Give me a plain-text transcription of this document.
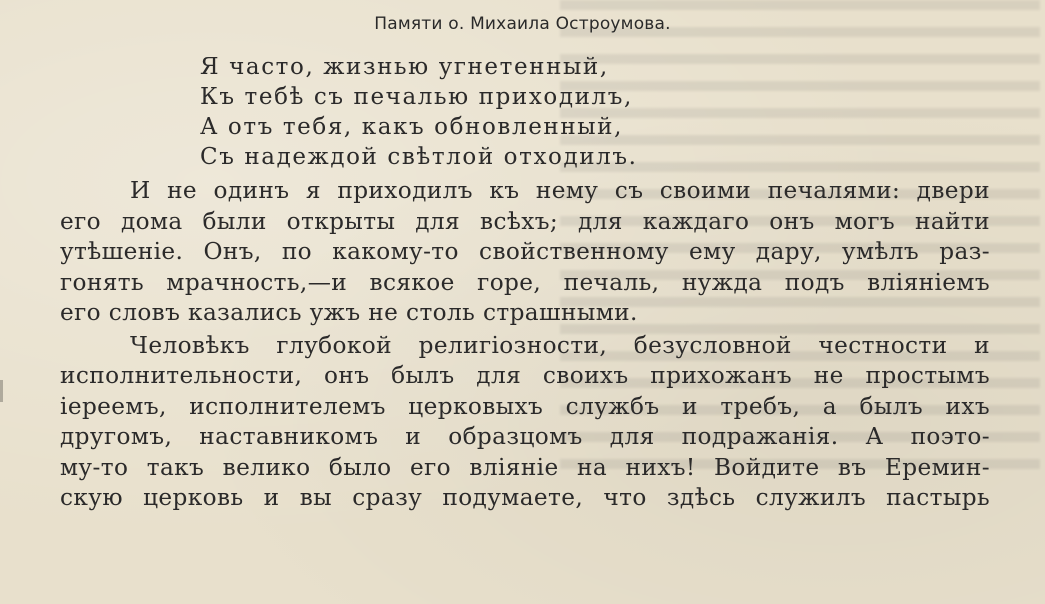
Памяти о. Михаила Остроумова.
Я часто, жизнью угнетенный,
Къ тебѣ съ печалью приходилъ,
А отъ тебя, какъ обновленный,
Съ надеждой свѣтлой отходилъ.
И не одинъ я приходилъ къ нему съ своими печалями: двери
его дома были открыты для всѣхъ; для каждаго онъ могъ найти
утѣшеніе. Онъ, по какому-то свойственному ему дару, умѣлъ раз-
гонять мрачность,—и всякое горе, печаль, нужда подъ вліяніемъ
его словъ казались ужъ не столь страшными.
Человѣкъ глубокой религіозности, безусловной честности и
исполнительности, онъ былъ для своихъ прихожанъ не простымъ
іереемъ, исполнителемъ церковыхъ службъ и требъ, а былъ ихъ
другомъ, наставникомъ и образцомъ для подражанія. А поэто-
му-то такъ велико было его вліяніе на нихъ! Войдите въ Еремин-
скую церковь и вы сразу подумаете, что здѣсь служилъ пастырь
